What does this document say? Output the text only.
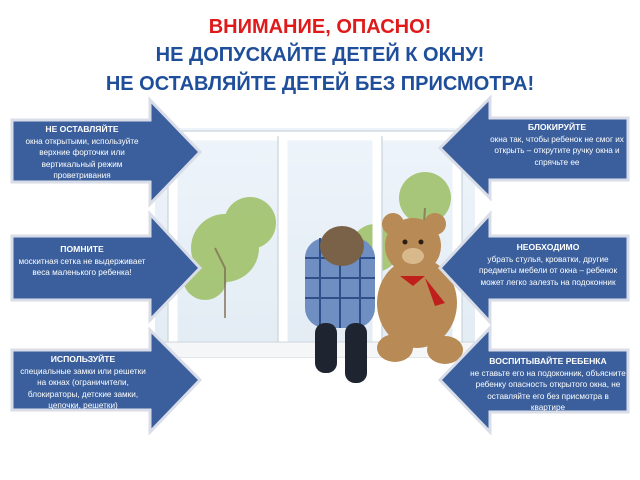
ВНИМАНИЕ, ОПАСНО!
НЕ ДОПУСКАЙТЕ ДЕТЕЙ К ОКНУ!
НЕ ОСТАВЛЯЙТЕ ДЕТЕЙ БЕЗ ПРИСМОТРА!
НЕ ОСТАВЛЯЙТЕ
окна открытыми, используйте верхние форточки или вертикальный режим проветривания
ПОМНИТЕ
москитная сетка не выдерживает веса маленького ребенка!
ИСПОЛЬЗУЙТЕ
специальные замки или решетки на окнах (ограничители, блокираторы, детские замки, цепочки, решетки)
БЛОКИРУЙТЕ
окна так, чтобы ребенок не смог их открыть – открутите ручку окна и спрячьте ее
НЕОБХОДИМО
убрать стулья, кроватки, другие предметы мебели от окна – ребенок может легко залезть на подоконник
ВОСПИТЫВАЙТЕ РЕБЕНКА
не ставьте его на подоконник, объясните ребенку опасность открытого окна, не оставляйте его без присмотра в квартире
